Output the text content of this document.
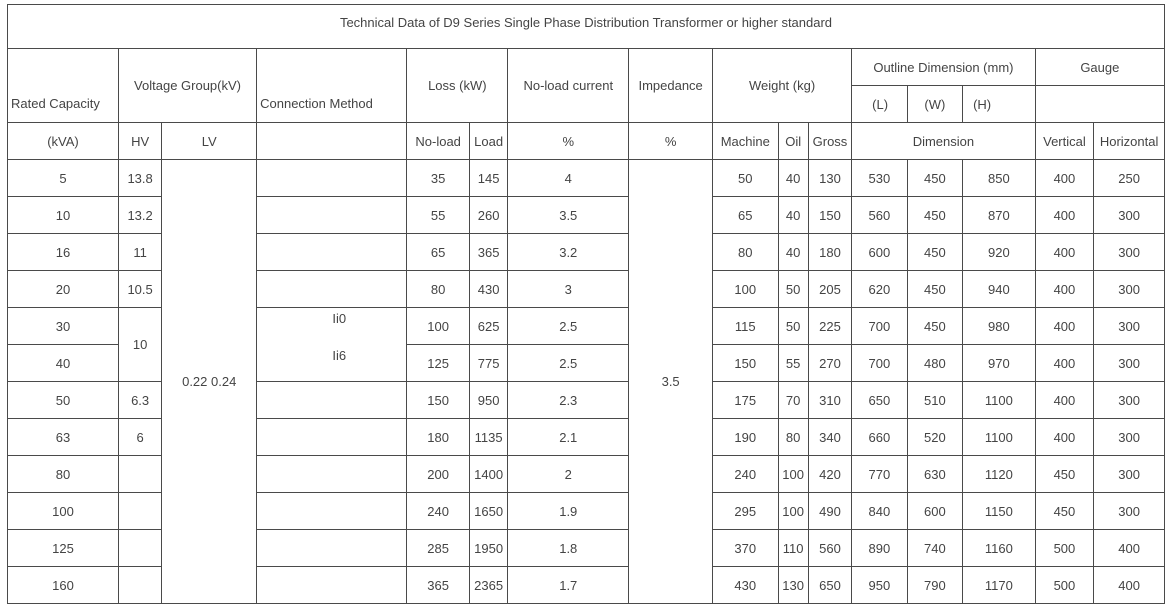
Technical Data of D9 Series Single Phase Distribution Transformer or higher standard															
	Voltage Group(kV)			Loss (kW)		No-load current	Impedance	Weight (kg)			Outline Dimension (mm)			Gauge	
Rated Capacity			Connection Method								(L)	(W)	(H)		
(kVA)	HV	LV		No-load	Load	%	%	Machine	Oil	Gross	Dimension			Vertical	Horizontal
5	13.8	0.22 0.24		35	145	4	3.5	50	40	130	530	450	850	400	250
10	13.2			55	260	3.5		65	40	150	560	450	870	400	300
16	11			65	365	3.2		80	40	180	600	450	920	400	300
20	10.5			80	430	3		100	50	205	620	450	940	400	300
30	10		Ii0	100	625	2.5		115	50	225	700	450	980	400	300
40			Ii6	125	775	2.5		150	55	270	700	480	970	400	300
50	6.3			150	950	2.3		175	70	310	650	510	1100	400	300
63	6			180	1135	2.1		190	80	340	660	520	1100	400	300
80				200	1400	2		240	100	420	770	630	1120	450	300
100				240	1650	1.9		295	100	490	840	600	1150	450	300
125				285	1950	1.8		370	110	560	890	740	1160	500	400
160				365	2365	1.7		430	130	650	950	790	1170	500	400
